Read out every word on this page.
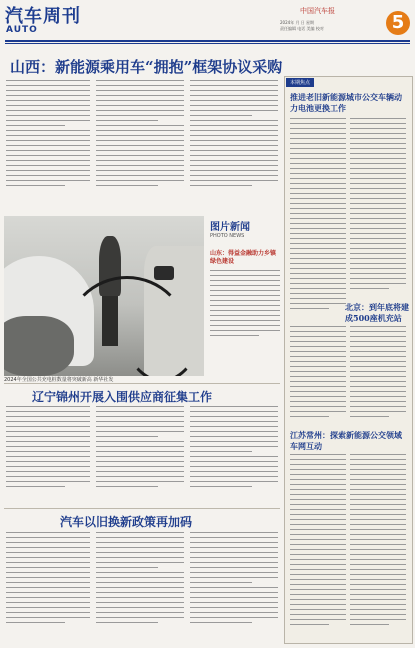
汽车周刊
AUTO
中国汽车报
2024年 月 日 星期
责任编辑 电话 美编 校对	5
山西：新能源乘用车“拥抱”框架协议采购
2024年全国公共充电桩数量将突破新高 新华社发
图片新闻
PHOTO NEWS
山东：得益金融助力乡镇绿色建设
辽宁锦州开展入围供应商征集工作
汽车以旧换新政策再加码
本期焦点
推进老旧新能源城市公交车辆动力电池更换工作
北京：到年底将建成500座机充站
江苏常州：探索新能源公交领域车网互动
